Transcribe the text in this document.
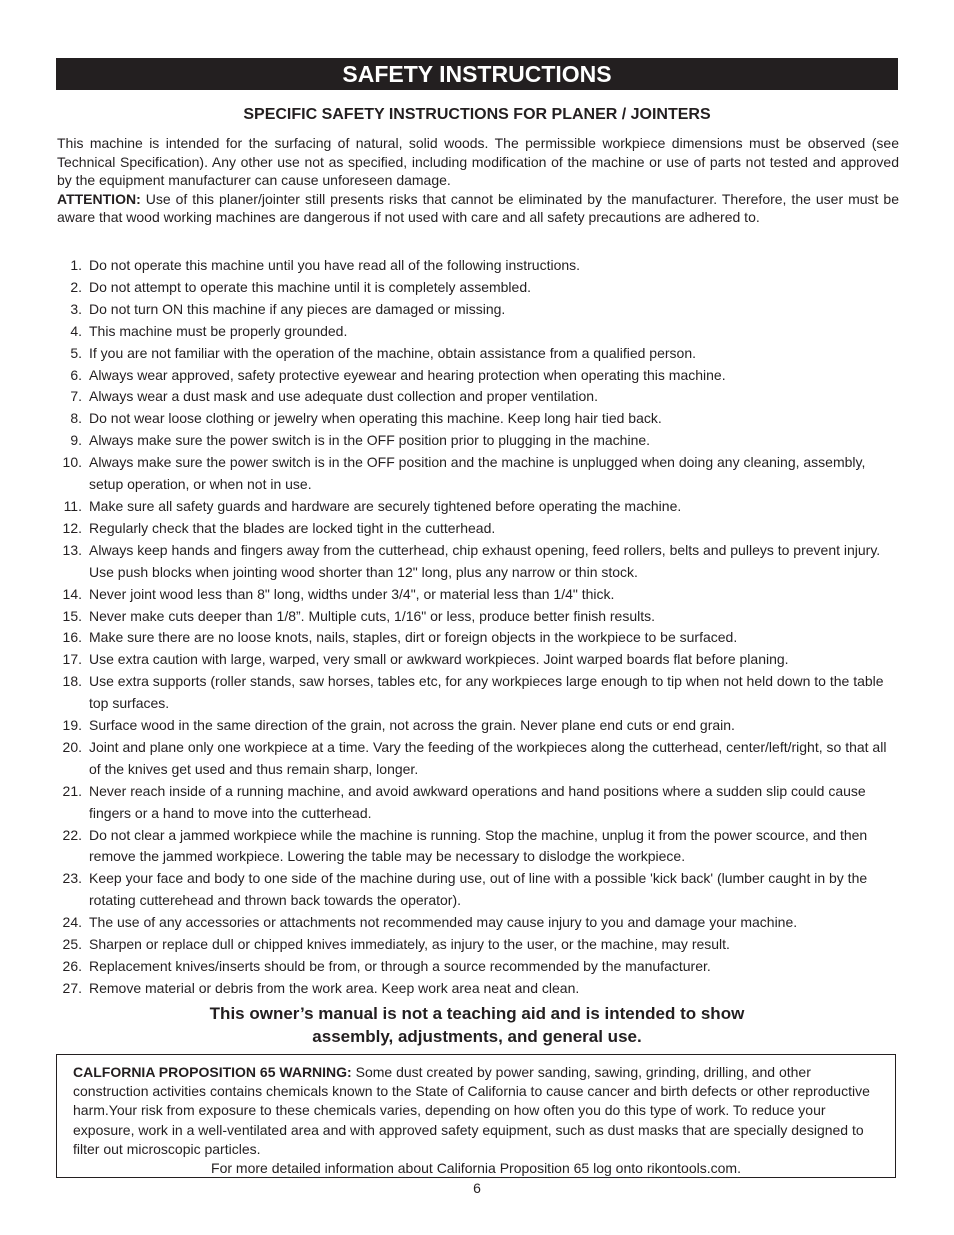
SAFETY INSTRUCTIONS
SPECIFIC SAFETY INSTRUCTIONS FOR PLANER / JOINTERS

This machine is intended for the surfacing of natural, solid woods. The permissible workpiece dimensions must be observed (see Technical Specification). Any other use not as specified, including modification of the machine or use of parts not tested and approved by the equipment manufacturer can cause unforeseen damage.

ATTENTION: Use of this planer/jointer still presents risks that cannot be eliminated by the manufacturer. Therefore, the user must be aware that wood working machines are dangerous if not used with care and all safety precautions are adhered to.

1. Do not operate this machine until you have read all of the following instructions.
2. Do not attempt to operate this machine until it is completely assembled.
3. Do not turn ON this machine if any pieces are damaged or missing.
4. This machine must be properly grounded.
5. If you are not familiar with the operation of the machine, obtain assistance from a qualified person.
6. Always wear approved, safety protective eyewear and hearing protection when operating this machine.
7. Always wear a dust mask and use adequate dust collection and proper ventilation.
8. Do not wear loose clothing or jewelry when operating this machine. Keep long hair tied back.
9. Always make sure the power switch is in the OFF position prior to plugging in the machine.
10. Always make sure the power switch is in the OFF position and the machine is unplugged when doing any cleaning, assembly, setup operation, or when not in use.
11. Make sure all safety guards and hardware are securely tightened before operating the machine.
12. Regularly check that the blades are locked tight in the cutterhead.
13. Always keep hands and fingers away from the cutterhead, chip exhaust opening, feed rollers, belts and pulleys to prevent injury. Use push blocks when jointing wood shorter than 12" long, plus any narrow or thin stock.
14. Never joint wood less than 8" long, widths under 3/4", or material less than 1/4" thick.
15. Never make cuts deeper than 1/8”. Multiple cuts, 1/16" or less, produce better finish results.
16. Make sure there are no loose knots, nails, staples, dirt or foreign objects in the workpiece to be surfaced.
17. Use extra caution with large, warped, very small or awkward workpieces. Joint warped boards flat before planing.
18. Use extra supports (roller stands, saw horses, tables etc, for any workpieces large enough to tip when not held down to the table top surfaces.
19. Surface wood in the same direction of the grain, not across the grain. Never plane end cuts or end grain.
20. Joint and plane only one workpiece at a time. Vary the feeding of the workpieces along the cutterhead, center/left/right, so that all of the knives get used and thus remain sharp, longer.
21. Never reach inside of a running machine, and avoid awkward operations and hand positions where a sudden slip could cause fingers or a hand to move into the cutterhead.
22. Do not clear a jammed workpiece while the machine is running. Stop the machine, unplug it from the power scource, and then remove the jammed workpiece. Lowering the table may be necessary to dislodge the workpiece.
23. Keep your face and body to one side of the machine during use, out of line with a possible 'kick back' (lumber caught in by the rotating cutterehead and thrown back towards the operator).
24. The use of any accessories or attachments not recommended may cause injury to you and damage your machine.
25. Sharpen or replace dull or chipped knives immediately, as injury to the user, or the machine, may result.
26. Replacement knives/inserts should be from, or through a source recommended by the manufacturer.
27. Remove material or debris from the work area. Keep work area neat and clean.
This owner’s manual is not a teaching aid and is intended to show
assembly, adjustments, and general use.
CALFORNIA PROPOSITION 65 WARNING: Some dust created by power sanding, sawing, grinding, drilling, and other construction activities contains chemicals known to the State of California to cause cancer and birth defects or other reproductive harm.Your risk from exposure to these chemicals varies, depending on how often you do this type of work. To reduce your exposure, work in a well-ventilated area and with approved safety equipment, such as dust masks that are specially designed to filter out microscopic particles.
For more detailed information about California Proposition 65 log onto rikontools.com.
6
